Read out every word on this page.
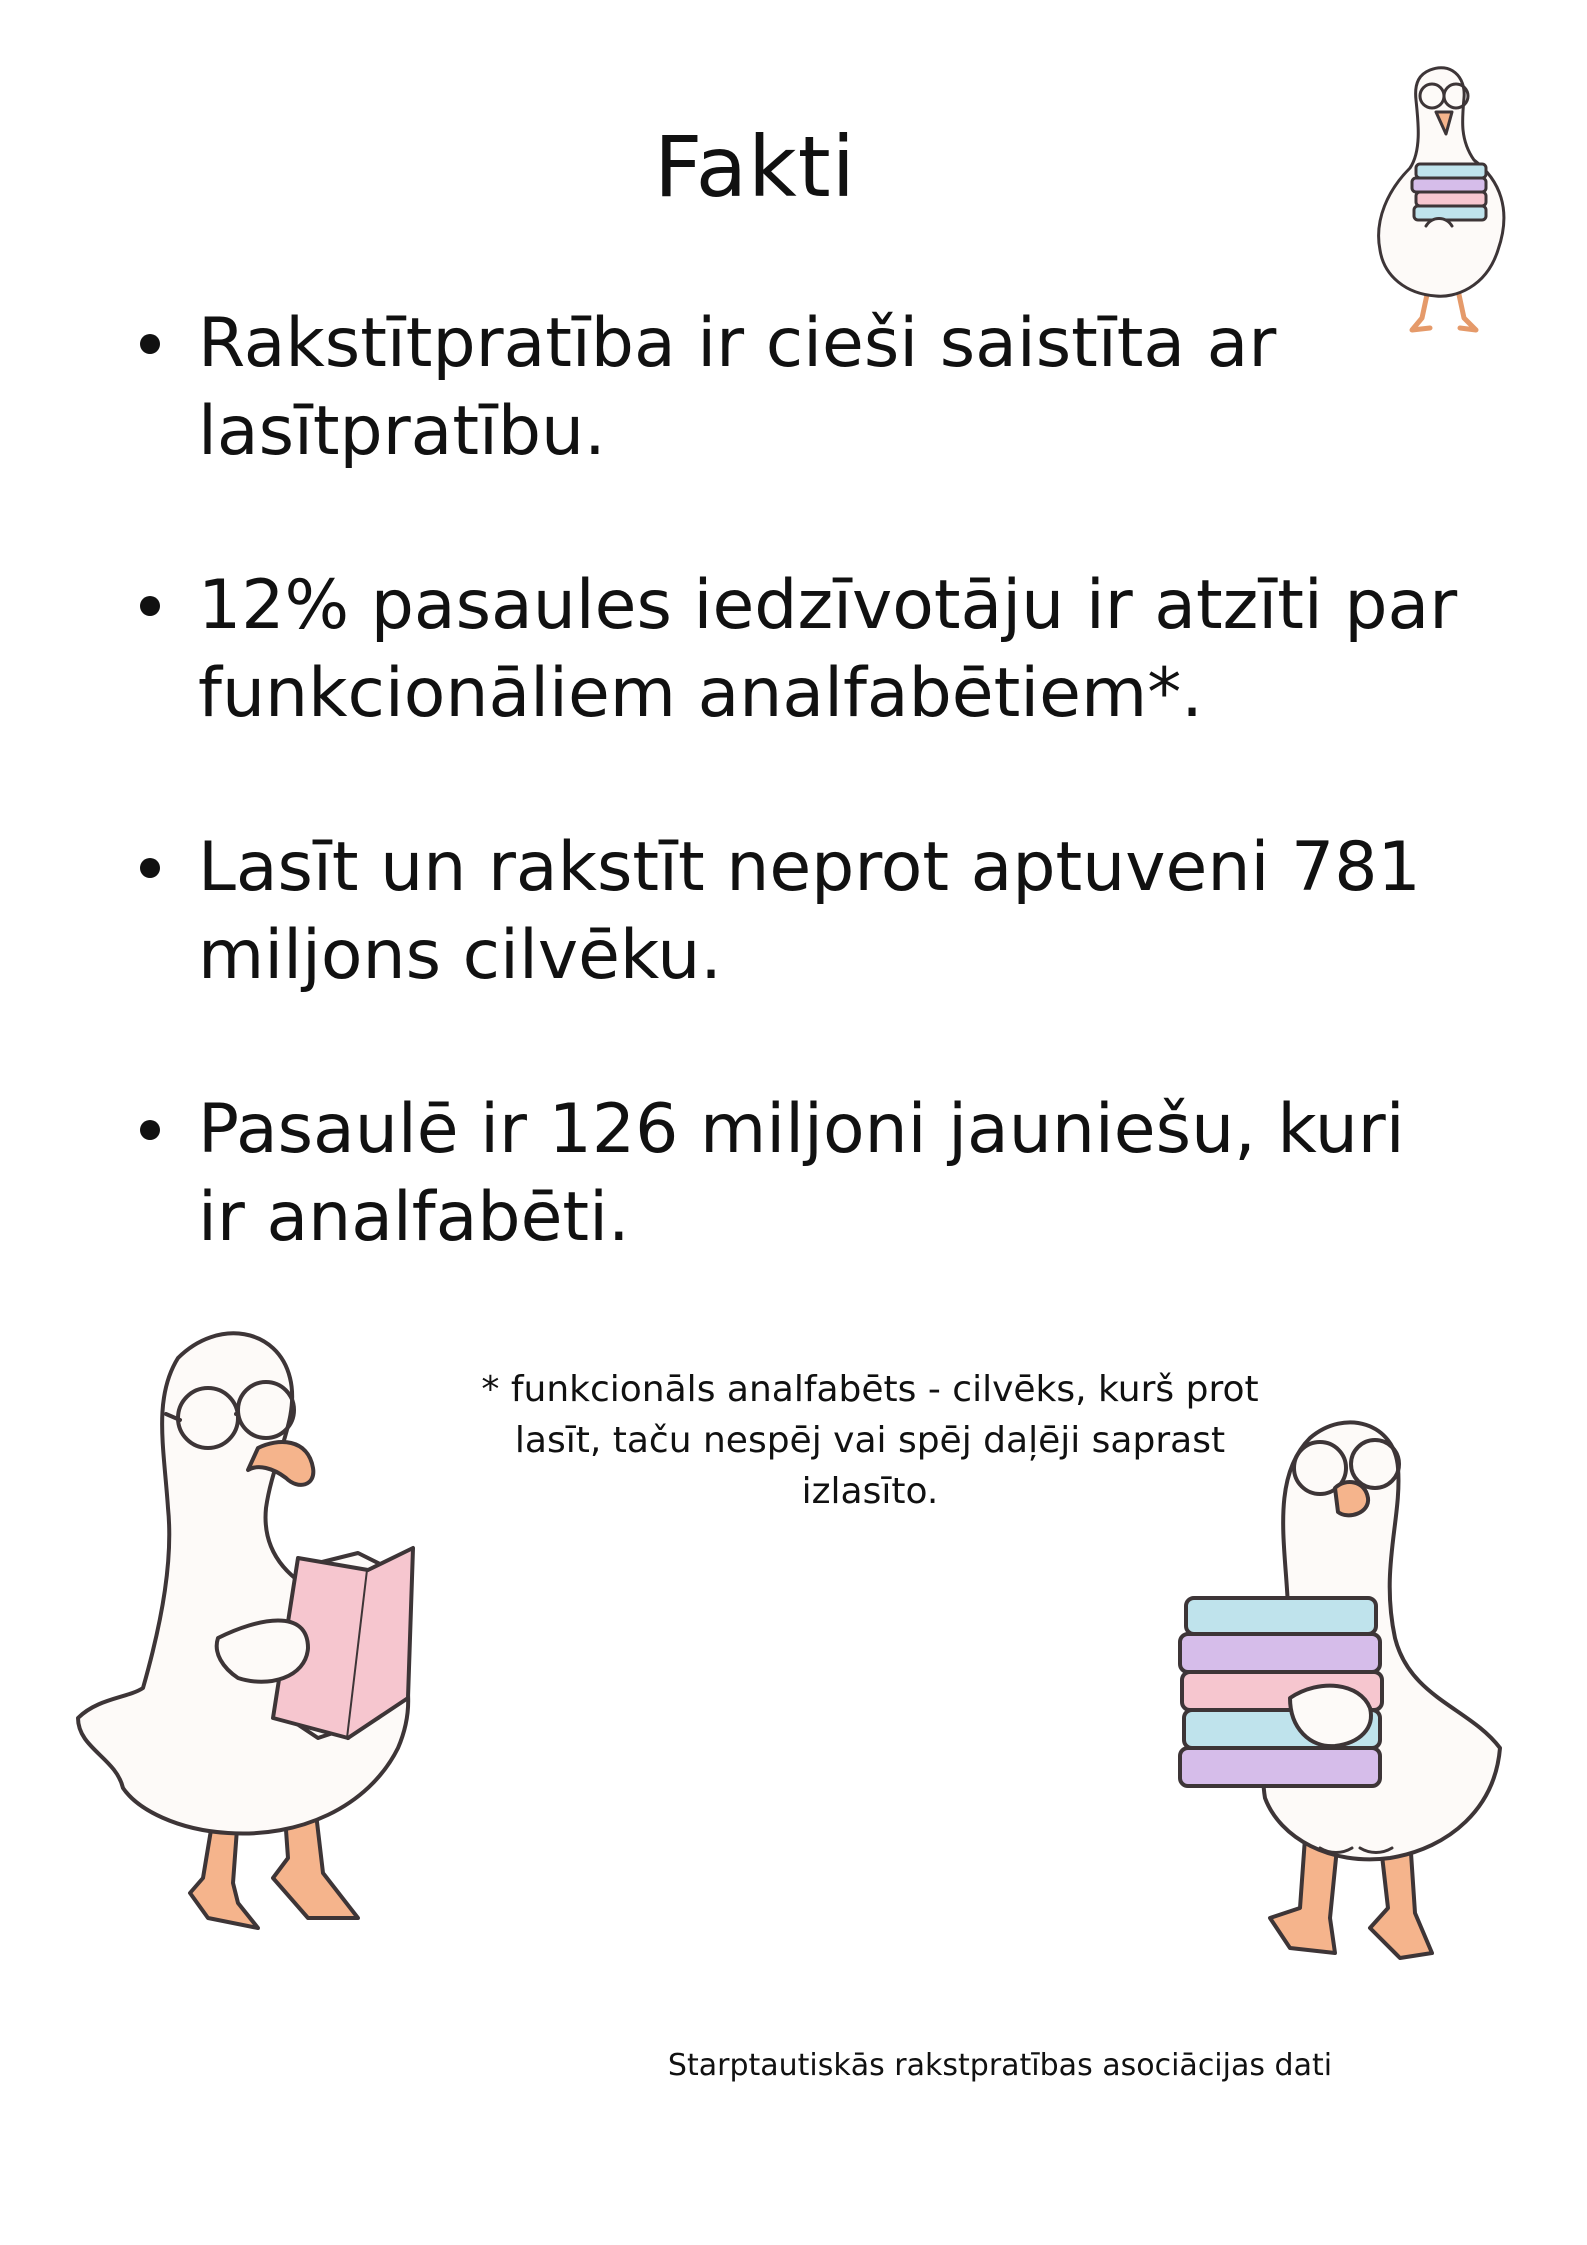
Fakti
Rakstītpratība ir cieši saistīta ar lasītpratību.
12% pasaules iedzīvotāju ir atzīti par funkcionāliem analfabētiem*.
Lasīt un rakstīt neprot aptuveni 781 miljons cilvēku.
Pasaulē ir 126 miljoni jauniešu, kuri ir analfabēti.

* funkcionāls analfabēts - cilvēks, kurš prot lasīt, taču nespēj vai spēj daļēji saprast izlasīto.

Starptautiskās rakstpratības asociācijas dati
